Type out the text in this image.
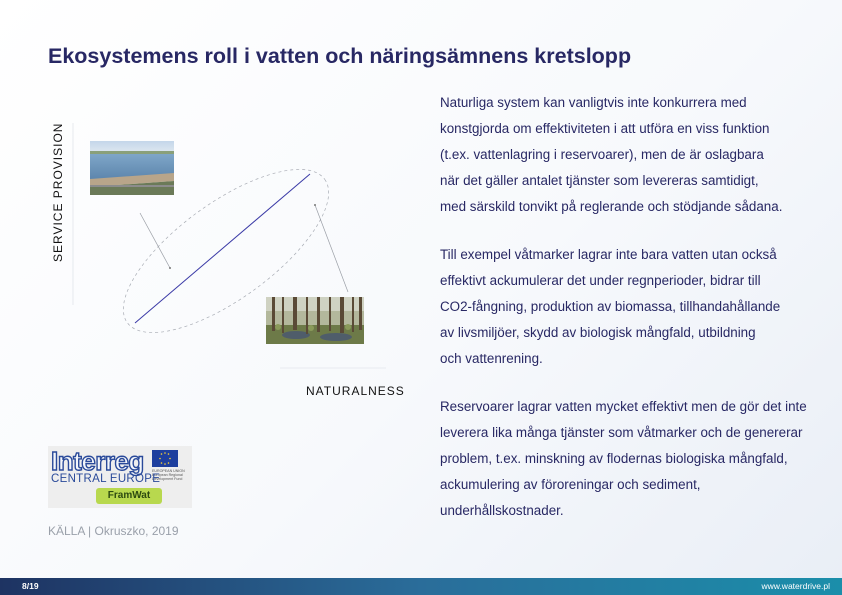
Ekosystemens roll i vatten och näringsämnens kretslopp
SERVICE PROVISION
NATURALNESS

Naturliga system kan vanligtvis inte konkurrera med
konstgjorda om effektiviteten i att utföra en viss funktion
(t.ex. vattenlagring i reservoarer), men de är oslagbara
när det gäller antalet tjänster som levereras samtidigt,
med särskild tonvikt på reglerande och stödjande sådana.

Till exempel våtmarker lagrar inte bara vatten utan också
effektivt ackumulerar det under regnperioder, bidrar till
CO2-fångning, produktion av biomassa, tillhandahållande
av livsmiljöer, skydd av biologisk mångfald, utbildning
och vattenrening.

Reservoarer lagrar vatten mycket effektivt men de gör det inte
leverera lika många tjänster som våtmarker och de genererar
problem, t.ex. minskning av flodernas biologiska mångfald,
ackumulering av föroreningar och sediment,
underhållskostnader.

Interreg EUROPEAN UNION European Regional Development Fund
CENTRAL EUROPE
FramWat
KÄLLA | Okruszko, 2019
8/19	www.waterdrive.pl
